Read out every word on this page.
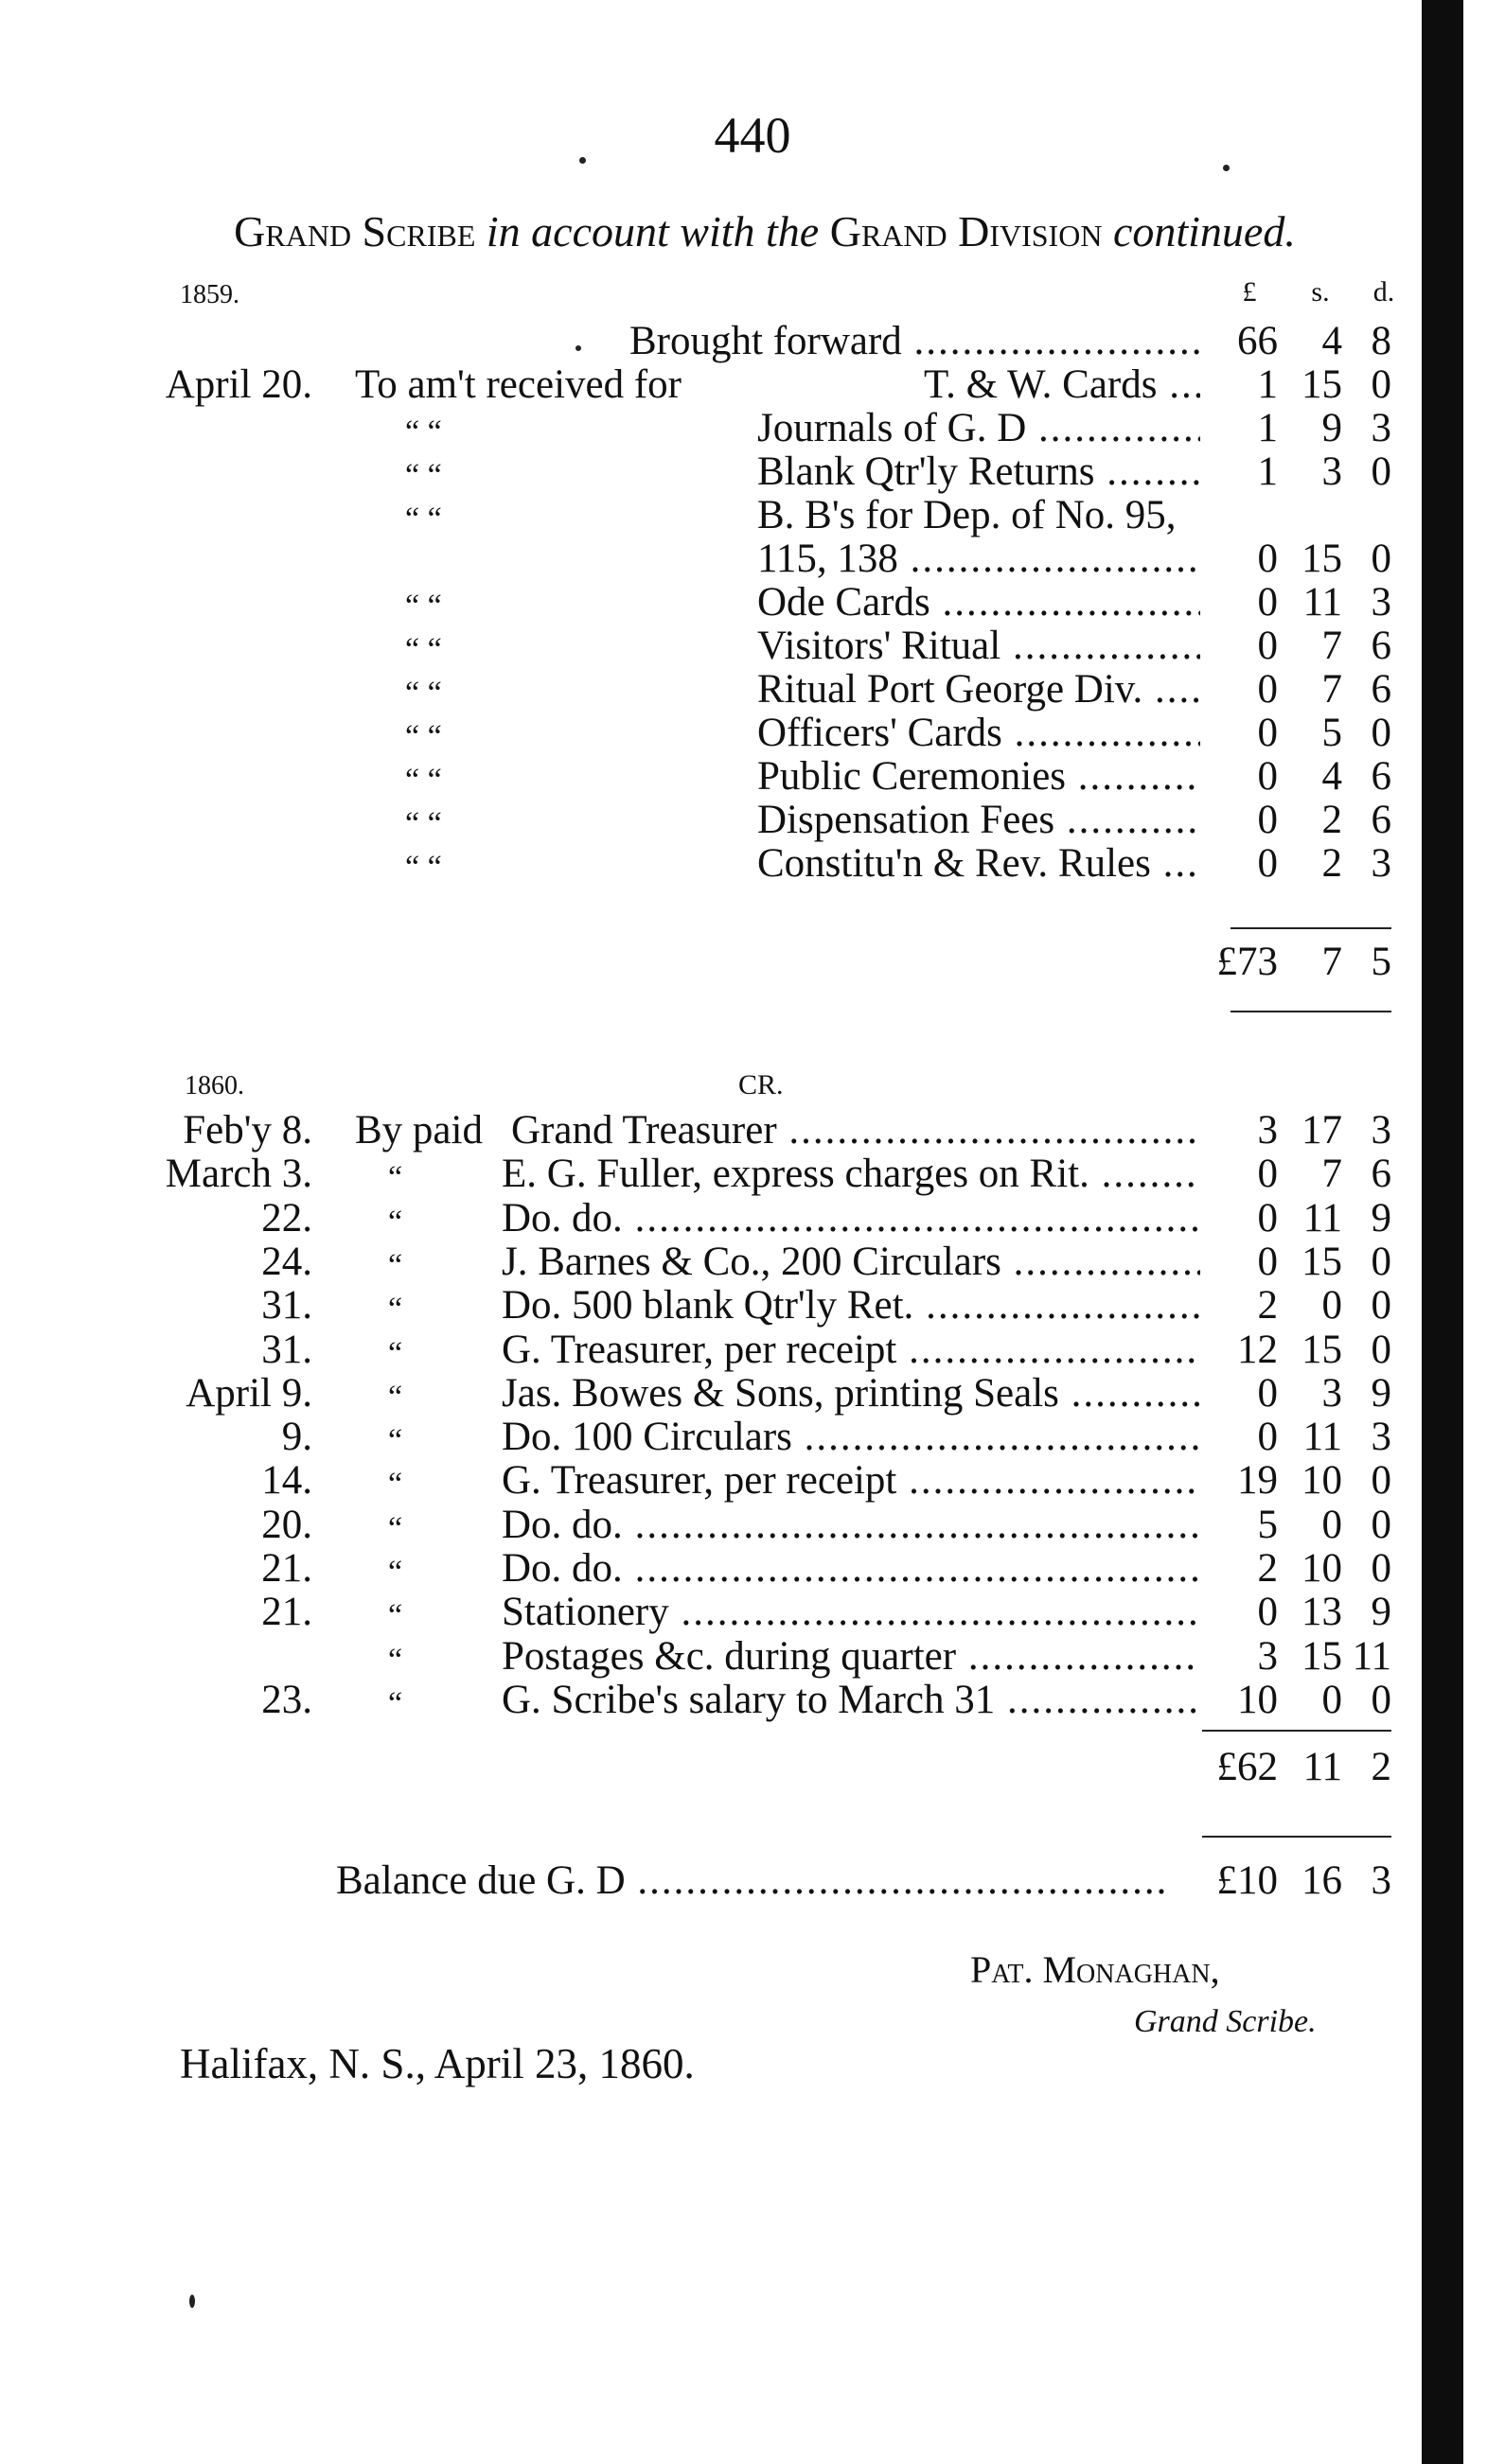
440
Grand Scribe in account with the Grand Division continued.
1859.	£	s.	d.
Brought forward .....	66	4 8
April 20. To am't received for	T. & W. Cards .....	1 15 0
“ “	Journals of G. D .....	1	9 3
“ “	Blank Qtr'ly Returns .....	1	3 0
“ “	B. B's for Dep. of No. 95,
115, 138 .....	0 15 0
“ “	Ode Cards .....	0 11 3
“ “	Visitors' Ritual .....	0	7 6
“ “	Ritual Port George Div. .....	0	7 6
“ “	Officers' Cards .....	0	5 0
“ “	Public Ceremonies .....	0	4 6
“ “	Dispensation Fees .....	0	2 6
“ “	Constitu'n & Rev. Rules .....	0	2 3
£73	7 5
1860.	CR.
Feb'y 8. By paid Grand Treasurer .....	3 17 3
March 3. “ E. G. Fuller, express charges on Rit. .....	0	7 6
22. “ Do. do. .....	0 11 9
24. “ J. Barnes & Co., 200 Circulars .....	0 15 0
31. “ Do. 500 blank Qtr'ly Ret. .....	2	0 0
31. “ G. Treasurer, per receipt .....	12 15 0
April 9. “ Jas. Bowes & Sons, printing Seals .....	0	3 9
9. “ Do. 100 Circulars .....	0 11 3
14. “ G. Treasurer, per receipt .....	19 10 0
20. “ Do. do. .....	5	0 0
21. “ Do. do. .....	2 10 0
21. “ Stationery .....	0 13 9
“ Postages &c. during quarter .....	3 15 11
23. “ G. Scribe's salary to March 31 .....	10	0 0
£62 11 2
Balance due G. D .....	£10 16 3
Pat. Monaghan,
Grand Scribe.
Halifax, N. S., April 23, 1860.
